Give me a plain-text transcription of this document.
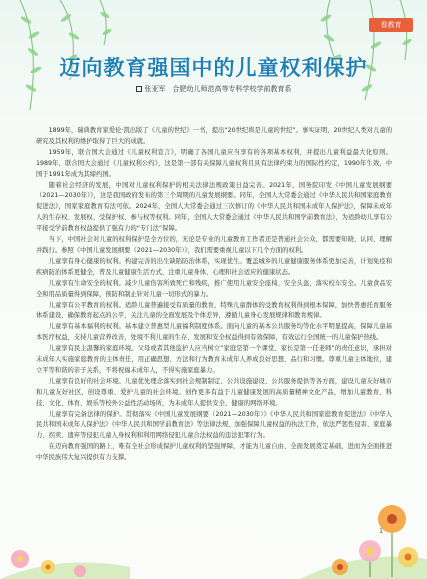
看教育
迈向教育强国中的儿童权利保护
张亚军　合肥幼儿师范高等专科学校学前教育系

1899年，瑞典教育家爱伦·凯出版了《儿童的世纪》一书，提出“20世纪将是儿童的世纪”。事实证明，20世纪人类对儿童的研究及其权利的维护取得了巨大的成就。

1959年，联合国大会通过《儿童权利宣言》，明确了各国儿童应当享有的各项基本权利，并提出儿童利益最大化原则。1989年，联合国大会通过《儿童权利公约》，这是第一部有关保障儿童权利且具有法律约束力的国际性约定，1990年生效，中国于1991年成为其缔约国。

随着社会经济的发展，中国对儿童权利保护的相关法律法规政策日益完善。2021年，国务院印发《中国儿童发展纲要（2021—2030年）》，这是我国政府发布的第三个周期的儿童发展纲要。同年，全国人大常委会通过《中华人民共和国家庭教育促进法》，国家家庭教育有法可依。2024年，全国人大常委会通过三次修订的《中华人民共和国未成年人保护法》，保障未成年人的生存权、发展权、受保护权、参与权等权利。同年，全国人大常委会通过《中华人民共和国学前教育法》，为适龄幼儿享有公平接受学前教育权益提供了强有力的“专门法”保障。

当下，中国社会对儿童的权利保护是全方位的，无论是专业的儿童教育工作者还是普通社会公众，都需要知晓、认同、理解并践行。参照《中国儿童发展纲要（2021—2030年）》，我们需要重视儿童以下几个方面的权利。

儿童享有身心健康的权利。构建完善的出生缺陷防治体系，实现优生。覆盖城乡的儿童健康服务体系更加完善，计划免疫和疾病防治体系更健全，普及儿童健康生活方式，注重儿童身体、心理和社会适应的健康状态。

儿童享有生命安全的权利。减少儿童伤害所致死亡和残疾，推广使用儿童安全座椅、安全头盔，落实校车安全。儿童食品安全和用品质量得到保障，预防和制止针对儿童一切形式的暴力。

儿童享有公平教育的权利。适龄儿童普遍接受有质量的教育，特殊儿童群体的受教育权利得到根本保障，加快普惠托育服务体系建设，确保教育起点的公平，关注儿童的全面发展及个体差异，遵循儿童身心发展规律和教育规律。

儿童享有基本福利的权利。基本建立普惠型儿童福利制度体系。面向儿童的基本公共服务均等化水平明显提高，保障儿童基本医疗权益，支持儿童营养改善，处境不利儿童的生存、发展和安全权益得到有效保障，有效运行全国统一的儿童保护热线。

儿童享有民主温馨的家庭环境。父母或者其他监护人应当树立“家庭是第一个课堂、家长是第一任老师”的责任意识，承担对未成年人实施家庭教育的主体责任，用正确思想、方法和行为教育未成年人养成良好思想、品行和习惯。尊重儿童主体地位，建立平等和谐的亲子关系，不将祝福未成年人，不得实施家庭暴力。

儿童享有良好的社会环境。儿童优先理念落实到社会规制制定、公共设施建设、公共服务提供等各方面，建设儿童友好城市和儿童友好社区，创设尊重、爱护儿童的社会环境。创作更多有益于儿童健康发展的高质量精神文化产品，增加儿童教育、科技、文化、体育、娱乐等校外公益性活动场所，为未成年人提供安全、健康的网络环境。

儿童享有完备法律的保护。贯彻落实《中国儿童发展纲要（2021—2030年）》《中华人民共和国家庭教育促进法》《中华人民共和国未成年人保护法》《中华人民共和国学前教育法》等法律法规，加强保障儿童权益的执法工作，依法严惩性侵害、家庭暴力、拐卖、遗弃等侵犯儿童人身权利和利用网络侵犯儿童合法权益的违法犯罪行为。

在迈向教育强国的路上，唯有全社会形成保护儿童权利的坚强屏障，才能为儿童自由、全面发展奠定基础，进而为全面推进中华民族伟大复兴提供有力支撑。

1
